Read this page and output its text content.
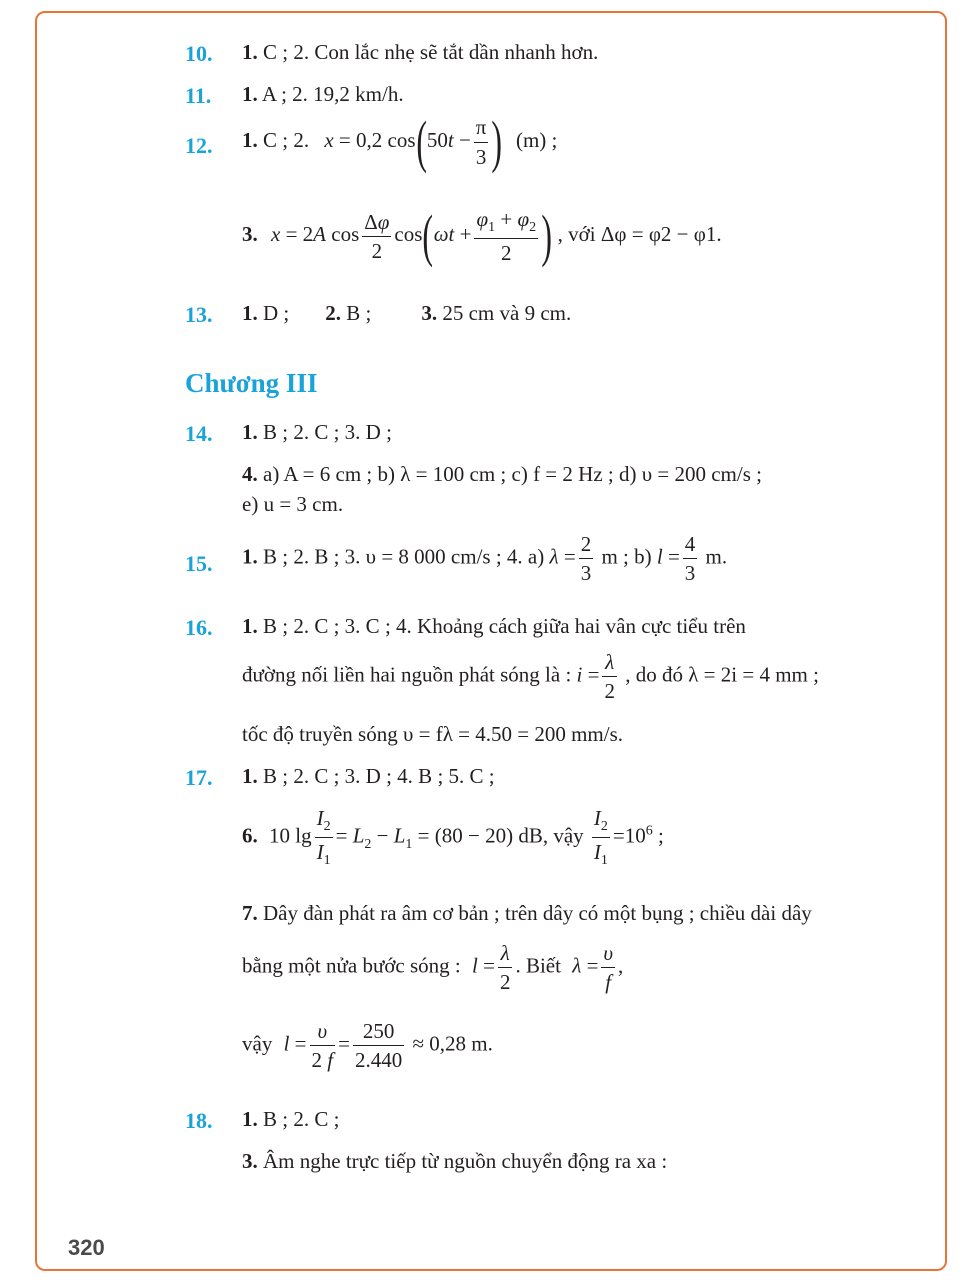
10. 1. C ; 2. Con lắc nhẹ sẽ tắt dần nhanh hơn.
11. 1. A ; 2. 19,2 km/h.
12. 1. C ; 2. x = 0,2 $\cos(50t - \frac{\pi}{3}$ ) (m) ;
3. x = 2A $\cos \frac{\Delta\varphi}{2} \cos(\omega t + \frac{\varphi_1 + \varphi_2}{2}$ ) , với Δφ = φ2 − φ1.
13. 1. D ; 2. B ; 3. 25 cm và 9 cm.
Chương III
14. 1. B ; 2. C ; 3. D ;
4. a) A = 6 cm ; b) λ = 100 cm ; c) f = 2 Hz ; d) υ = 200 cm/s ;
e) u = 3 cm.
15. 1. B ; 2. B ; 3. υ = 8 000 cm/s ; 4. a) $\lambda = \frac{2}{3}$ m ; b) $l = \frac{4}{3} m$.
16. 1. B ; 2. C ; 3. C ; 4. Khoảng cách giữa hai vân cực tiểu trên
đường nối liền hai nguồn phát sóng là : $i = \frac{\lambda}{2}$ , do đó λ = 2i = 4 mm ;
tốc độ truyền sóng υ = fλ = 4.50 = 200 mm/s.
17. 1. B ; 2. C ; 3. D ; 4. B ; 5. C ;
6. 10 $\lg \frac{I_2}{I_1} = L_2 - L_1 = (80 - 20)$ dB, vậy $\frac{I_2}{I_1} =10^6$ ;
7. Dây đàn phát ra âm cơ bản ; trên dây có một bụng ; chiều dài dây
bằng một nửa bước sóng : $l = \frac{\lambda}{2}$ . Biết $\lambda = \frac{\upsilon}{f}$ ,
vậy $l = \frac{\upsilon}{2 f} = \frac{250}{2.440} \approx 0,28$ m.
18. 1. B ; 2. C ;
3. Âm nghe trực tiếp từ nguồn chuyển động ra xa :
320
